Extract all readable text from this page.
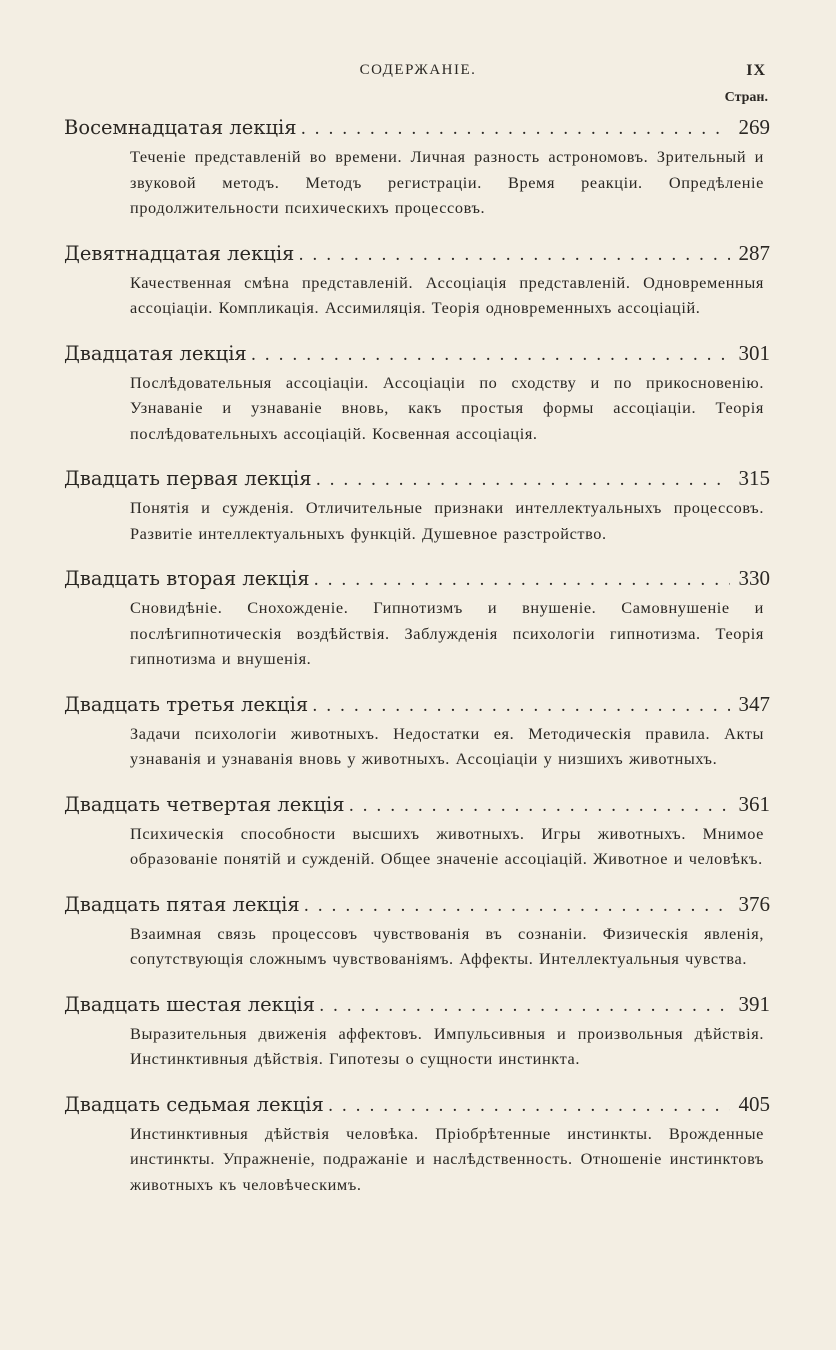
СОДЕРЖАНІЕ.	IX
Стран.
Восемнадцатая лекція . . .	269
Теченіе представленій во времени. Личная разность астрономовъ. Зрительный и звуковой методъ. Методъ регистраціи. Время реакціи. Опредѣленіе продолжительности психическихъ процессовъ.
Девятнадцатая лекція . . .	287
Качественная смѣна представленій. Ассоціація представленій. Одновременныя ассоціаціи. Компликація. Ассимиляція. Теорія одновременныхъ ассоціацій.
Двадцатая лекція . . .	301
Послѣдовательныя ассоціаціи. Ассоціаціи по сходству и по прикосновенію. Узнаваніе и узнаваніе вновь, какъ простыя формы ассоціаціи. Теорія послѣдовательныхъ ассоціацій. Косвенная ассоціація.
Двадцать первая лекція . . .	315
Понятія и сужденія. Отличительные признаки интеллектуальныхъ процессовъ. Развитіе интеллектуальныхъ функцій. Душевное разстройство.
Двадцать вторая лекція . . .	330
Сновидѣніе. Снохожденіе. Гипнотизмъ и внушеніе. Самовнушеніе и послѣгипнотическія воздѣйствія. Заблужденія психологіи гипнотизма. Теорія гипнотизма и внушенія.
Двадцать третья лекція . . .	347
Задачи психологіи животныхъ. Недостатки ея. Методическія правила. Акты узнаванія и узнаванія вновь у животныхъ. Ассоціаціи у низшихъ животныхъ.
Двадцать четвертая лекція . . .	361
Психическія способности высшихъ животныхъ. Игры животныхъ. Мнимое образованіе понятій и сужденій. Общее значеніе ассоціацій. Животное и человѣкъ.
Двадцать пятая лекція . . .	376
Взаимная связь процессовъ чувствованія въ сознаніи. Физическія явленія, сопутствующія сложнымъ чувствованіямъ. Аффекты. Интеллектуальныя чувства.
Двадцать шестая лекція . . .	391
Выразительныя движенія аффектовъ. Импульсивныя и произвольныя дѣйствія. Инстинктивныя дѣйствія. Гипотезы о сущности инстинкта.
Двадцать седьмая лекція . . .	405
Инстинктивныя дѣйствія человѣка. Пріобрѣтенные инстинкты. Врожденные инстинкты. Упражненіе, подражаніе и наслѣдственность. Отношеніе инстинктовъ животныхъ къ человѣческимъ.
